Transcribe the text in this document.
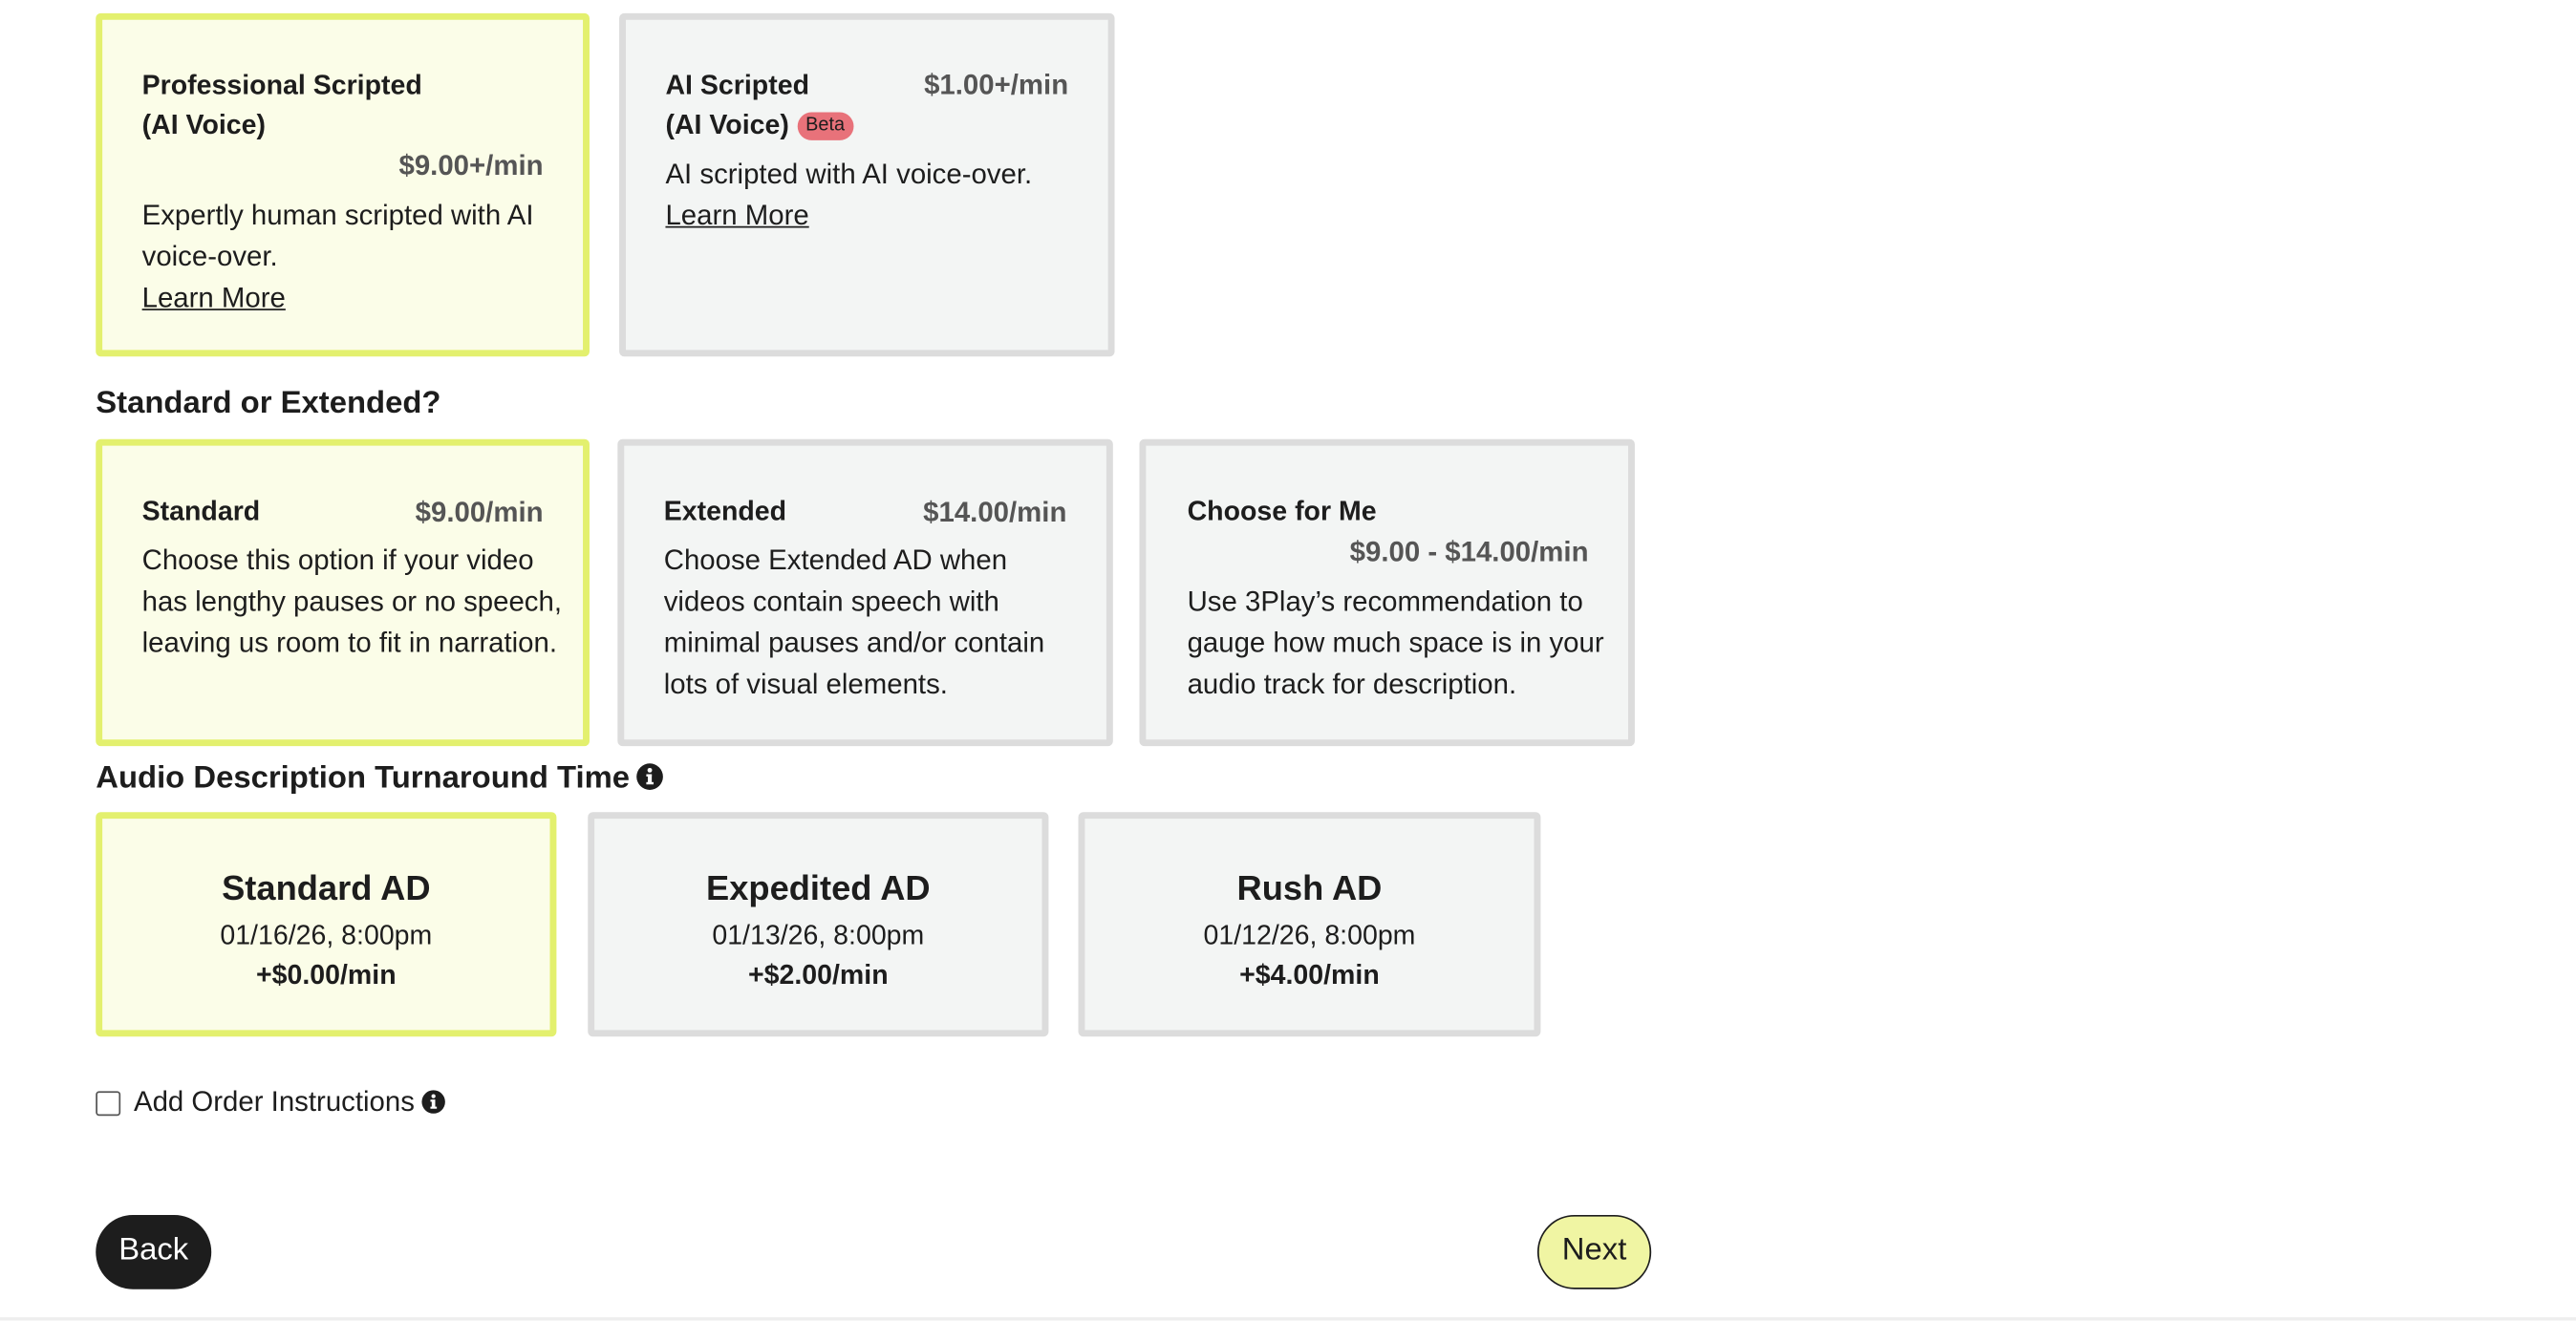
Professional Scripted
(AI Voice)
$9.00+/min
Expertly human scripted with AI
voice-over.
Learn More
AI Scripted
(AI Voice) Beta
$1.00+/min
AI scripted with AI voice-over.
Learn More
Standard or Extended?
Standard	$9.00/min
Choose this option if your video
has lengthy pauses or no speech,
leaving us room to fit in narration.
Extended	$14.00/min
Choose Extended AD when
videos contain speech with
minimal pauses and/or contain
lots of visual elements.
Choose for Me
$9.00 - $14.00/min
Use 3Play’s recommendation to
gauge how much space is in your
audio track for description.
Audio Description Turnaround Time
Standard AD
01/16/26, 8:00pm
+$0.00/min
Expedited AD
01/13/26, 8:00pm
+$2.00/min
Rush AD
01/12/26, 8:00pm
+$4.00/min
Add Order Instructions
Back	Next
